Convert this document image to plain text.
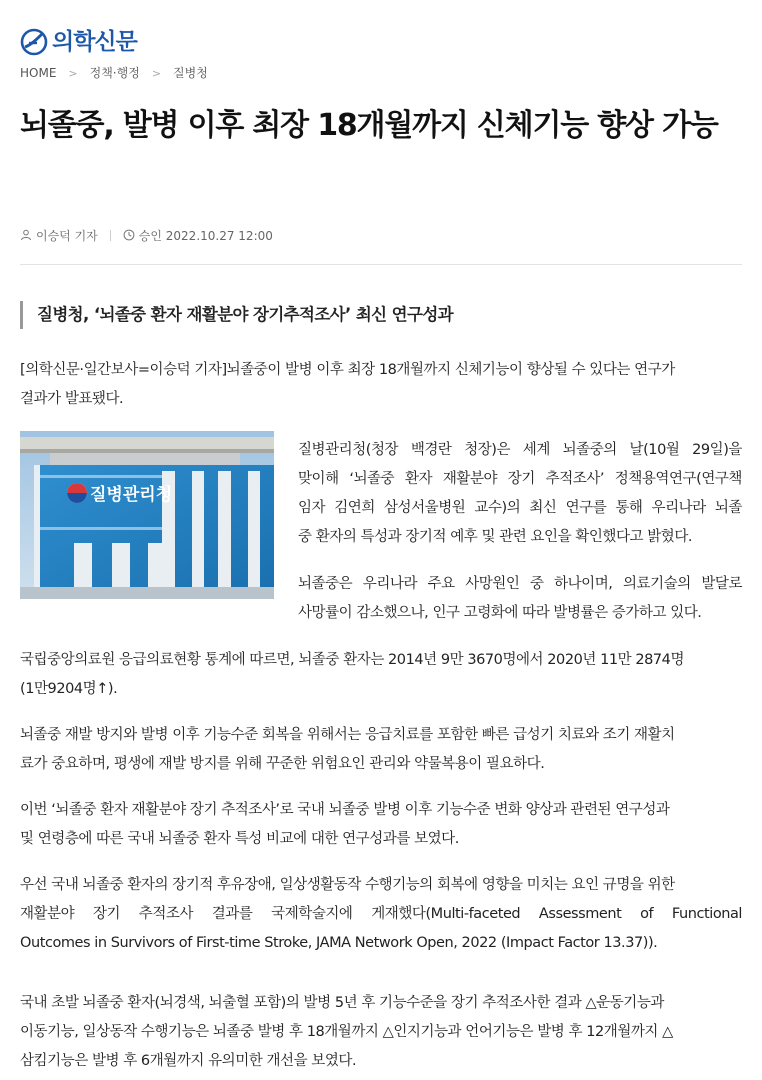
의학신문
HOME > 정책·행정 > 질병청
뇌졸중, 발병 이후 최장 18개월까지 신체기능 향상 가능
이승덕 기자	승인 2022.10.27 12:00
질병청, ‘뇌졸중 환자 재활분야 장기추적조사’ 최신 연구성과

[의학신문·일간보사=이승덕 기자]뇌졸중이 발병 이후 최장 18개월까지 신체기능이 향상될 수 있다는 연구가
결과가 발표됐다.

질병관리청

질병관리청(청장 백경란 청장)은 세계 뇌졸중의 날(10월 29일)을
맞이해 ‘뇌졸중 환자 재활분야 장기 추적조사’ 정책용역연구(연구책
임자 김연희 삼성서울병원 교수)의 최신 연구를 통해 우리나라 뇌졸
중 환자의 특성과 장기적 예후 및 관련 요인을 확인했다고 밝혔다.

뇌졸중은 우리나라 주요 사망원인 중 하나이며, 의료기술의 발달로
사망률이 감소했으나, 인구 고령화에 따라 발병률은 증가하고 있다.

국립중앙의료원 응급의료현황 통계에 따르면, 뇌졸중 환자는 2014년 9만 3670명에서 2020년 11만 2874명
(1만9204명↑).

뇌졸중 재발 방지와 발병 이후 기능수준 회복을 위해서는 응급치료를 포함한 빠른 급성기 치료와 조기 재활치
료가 중요하며, 평생에 재발 방지를 위해 꾸준한 위험요인 관리와 약물복용이 필요하다.

이번 ‘뇌졸중 환자 재활분야 장기 추적조사’로 국내 뇌졸중 발병 이후 기능수준 변화 양상과 관련된 연구성과
및 연령층에 따른 국내 뇌졸중 환자 특성 비교에 대한 연구성과를 보였다.

우선 국내 뇌졸중 환자의 장기적 후유장애, 일상생활동작 수행기능의 회복에 영향을 미치는 요인 규명을 위한
재활분야 장기 추적조사 결과를 국제학술지에 게재했다(Multi-faceted Assessment of Functional
Outcomes in Survivors of First-time Stroke, JAMA Network Open, 2022 (Impact Factor 13.37)).

국내 초발 뇌졸중 환자(뇌경색, 뇌출혈 포함)의 발병 5년 후 기능수준을 장기 추적조사한 결과 △운동기능과
이동기능, 일상동작 수행기능은 뇌졸중 발병 후 18개월까지 △인지기능과 언어기능은 발병 후 12개월까지 △
삼킴기능은 발병 후 6개월까지 유의미한 개선을 보였다.
